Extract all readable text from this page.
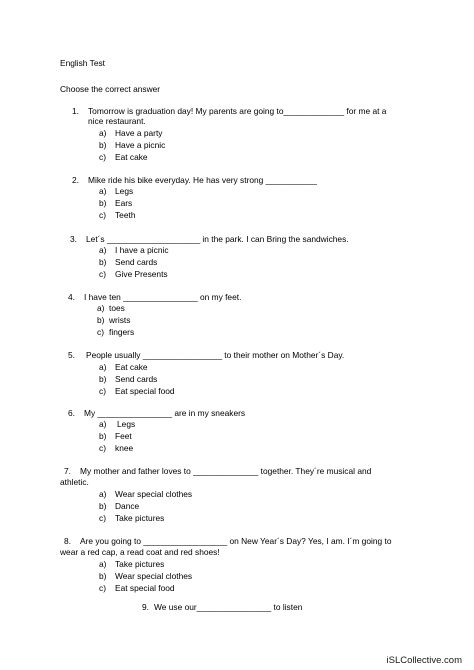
English Test
Choose the correct answer
1. Tomorrow is graduation day! My parents are going to_____________ for me at a
nice restaurant.
a) Have a party
b) Have a picnic
c) Eat cake
2. Mike ride his bike everyday. He has very strong ___________
a) Legs
b) Ears
c) Teeth
3. Let´s ____________________ in the park. I can Bring the sandwiches.
a) I have a picnic
b) Send cards
c) Give Presents
4. I have ten ________________ on my feet.
a) toes
b) wrists
c) fingers
5. People usually _________________ to their mother on Mother´s Day.
a) Eat cake
b) Send cards
c) Eat special food
6. My ________________ are in my sneakers
a) Legs
b) Feet
c) knee
7. My mother and father loves to ______________ together. They´re musical and
athletic.
a) Wear special clothes
b) Dance
c) Take pictures
8. Are you going to __________________ on New Year´s Day? Yes, I am. I´m going to
wear a red cap, a read coat and red shoes!
a) Take pictures
b) Wear special clothes
c) Eat special food
9. We use our________________ to listen
iSLCollective.com
